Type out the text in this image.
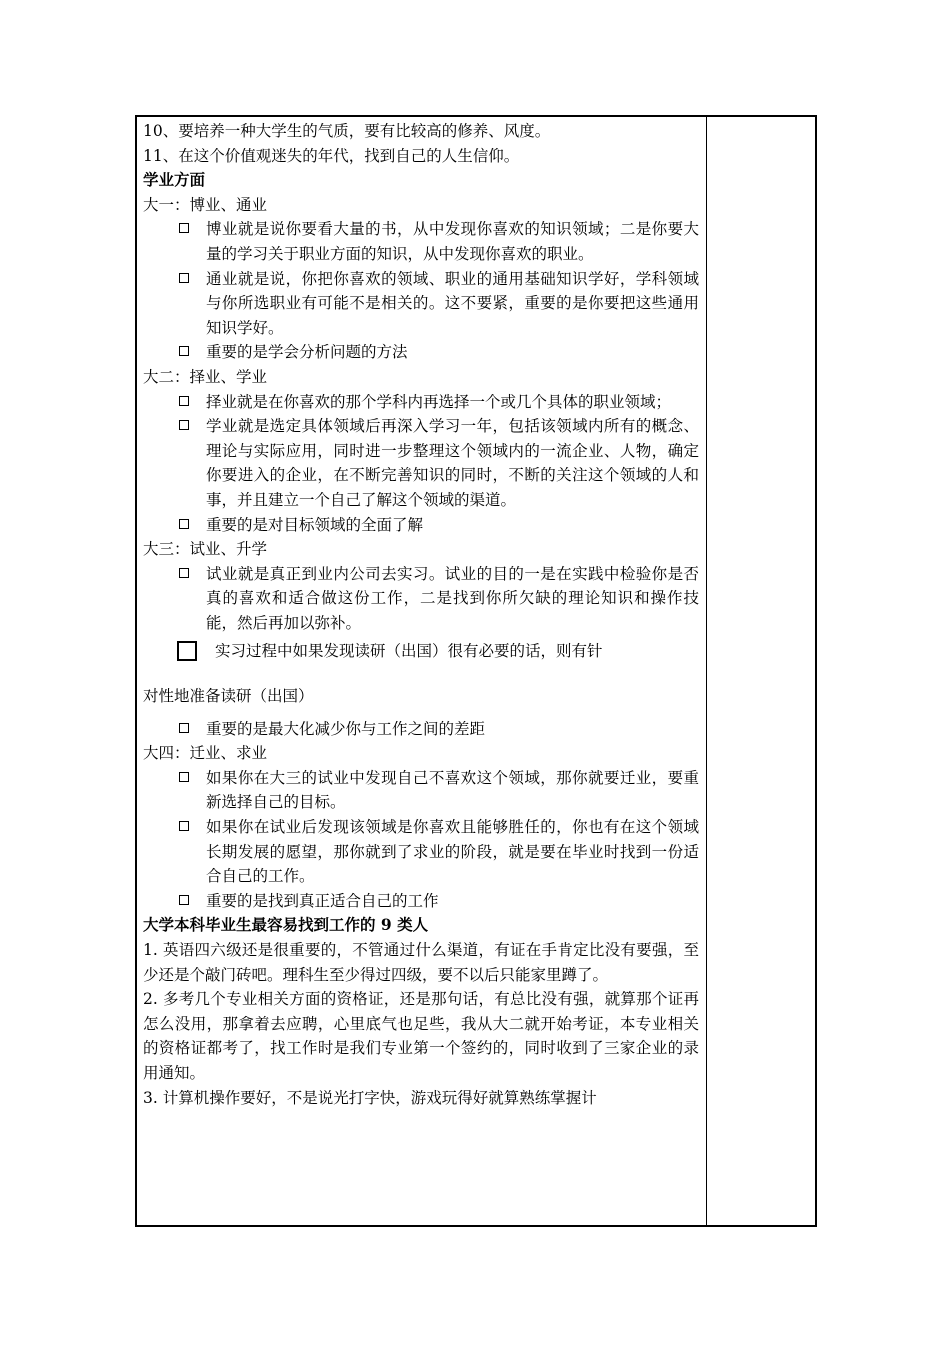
10、要培养一种大学生的气质，要有比较高的修养、风度。
11、在这个价值观迷失的年代，找到自己的人生信仰。
学业方面
大一：博业、通业
博业就是说你要看大量的书，从中发现你喜欢的知识领域；二是你要大量的学习关于职业方面的知识，从中发现你喜欢的职业。
通业就是说，你把你喜欢的领域、职业的通用基础知识学好，学科领域与你所选职业有可能不是相关的。这不要紧，重要的是你要把这些通用知识学好。
重要的是学会分析问题的方法
大二：择业、学业
择业就是在你喜欢的那个学科内再选择一个或几个具体的职业领域；
学业就是选定具体领域后再深入学习一年，包括该领域内所有的概念、理论与实际应用，同时进一步整理这个领域内的一流企业、人物，确定你要进入的企业，在不断完善知识的同时，不断的关注这个领域的人和事，并且建立一个自己了解这个领域的渠道。
重要的是对目标领域的全面了解
大三：试业、升学
试业就是真正到业内公司去实习。试业的目的一是在实践中检验你是否真的喜欢和适合做这份工作，二是找到你所欠缺的理论知识和操作技能，然后再加以弥补。
实习过程中如果发现读研（出国）很有必要的话，则有针
对性地准备读研（出国）
重要的是最大化减少你与工作之间的差距
大四：迁业、求业
如果你在大三的试业中发现自己不喜欢这个领域，那你就要迁业，要重新选择自己的目标。
如果你在试业后发现该领域是你喜欢且能够胜任的，你也有在这个领域长期发展的愿望，那你就到了求业的阶段，就是要在毕业时找到一份适合自己的工作。
重要的是找到真正适合自己的工作
大学本科毕业生最容易找到工作的 9 类人
1. 英语四六级还是很重要的，不管通过什么渠道，有证在手肯定比没有要强，至少还是个敲门砖吧。理科生至少得过四级，要不以后只能家里蹲了。
2. 多考几个专业相关方面的资格证，还是那句话，有总比没有强，就算那个证再怎么没用，那拿着去应聘，心里底气也足些，我从大二就开始考证，本专业相关的资格证都考了，找工作时是我们专业第一个签约的，同时收到了三家企业的录用通知。
3. 计算机操作要好，不是说光打字快，游戏玩得好就算熟练掌握计
